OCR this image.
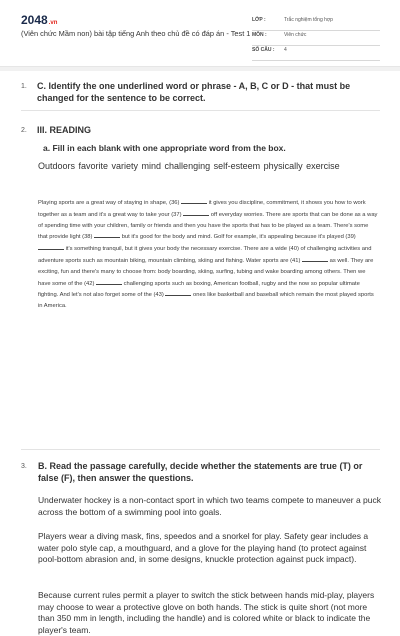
2048.vn
(Viên chức Mầm non) bài tập tiếng Anh theo chủ đề có đáp án - Test 1
LỚP :	Trắc nghiệm tổng hợp
MÔN :	Viên chức
SỐ CÂU : 4
1. C. Identify the one underlined word or phrase - A, B, C or D - that must be changed for the sentence to be correct.
2. III. READING
a. Fill in each blank with one appropriate word from the box.
Outdoors favorite variety mind challenging self-esteem physically exercise
Playing sports are a great way of staying in shape, (36)	it gives you discipline, commitment, it shows you how to work together as a team and it's a great way to take your (37)	off everyday worries. There are sports that can be done as a way of spending time with your children, family or friends and then you have the sports that has to be played as a team. There's some that provide light (38)	but it's good for the body and mind. Golf for example, it's appealing because it's played (39)  it's something tranquil, but it gives your body the necessary exercise. There are a wide (40) of challenging activities and adventure sports such as mountain biking, mountain climbing, skiing and fishing. Water sports are (41)	as well. They are exciting, fun and there's many to choose from: body boarding, skiing, surfing, tubing and wake boarding among others. Then we have some of the (42)	challenging sports such as boxing, American football, rugby and the now so popular ultimate fighting. And let's not also forget some of the (43)	ones like basketball and baseball which remain the most played sports in America.
3. B. Read the passage carefully, decide whether the statements are true (T) or false (F), then answer the questions.
Underwater hockey is a non-contact sport in which two teams compete to maneuver a puck across the bottom of a swimming pool into goals.
Players wear a diving mask, fins, speedos and a snorkel for play. Safety gear includes a water polo style cap, a mouthguard, and a glove for the playing hand (to protect against pool-bottom abrasion and, in some designs, knuckle protection against puck impact).
Because current rules permit a player to switch the stick between hands mid-play, players may choose to wear a protective glove on both hands. The stick is quite short (not more than 350 mm in length, including the handle) and is colored white or black to indicate the player's team.
